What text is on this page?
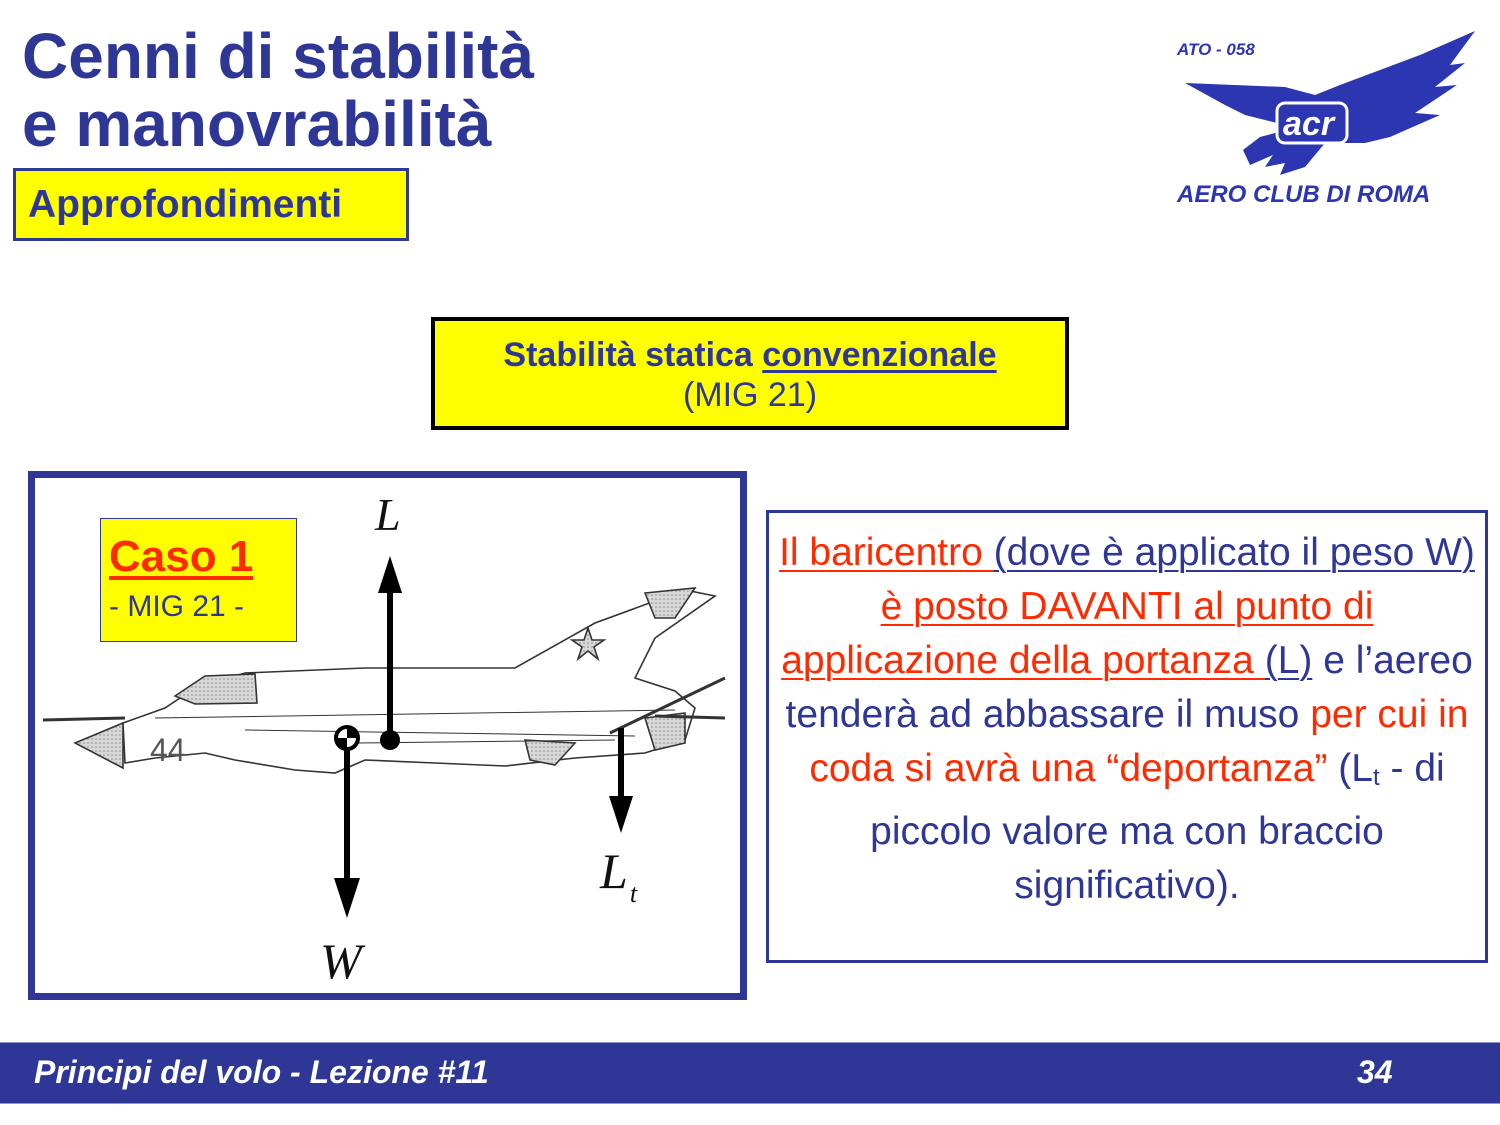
Cenni di stabilità
e manovrabilità
Approfondimenti
ATO - 058
acr
AERO CLUB DI ROMA
Stabilità statica convenzionale
(MIG 21)
44
L
W
$L_t$
Caso 1
- MIG 21 -
Il baricentro (dove è applicato il peso W) è posto DAVANTI al punto di applicazione della portanza (L) e l’aereo tenderà ad abbassare il muso per cui in coda si avrà una “deportanza” ($L_t$ - di piccolo valore ma con braccio significativo).
Principi del volo - Lezione #11	34
